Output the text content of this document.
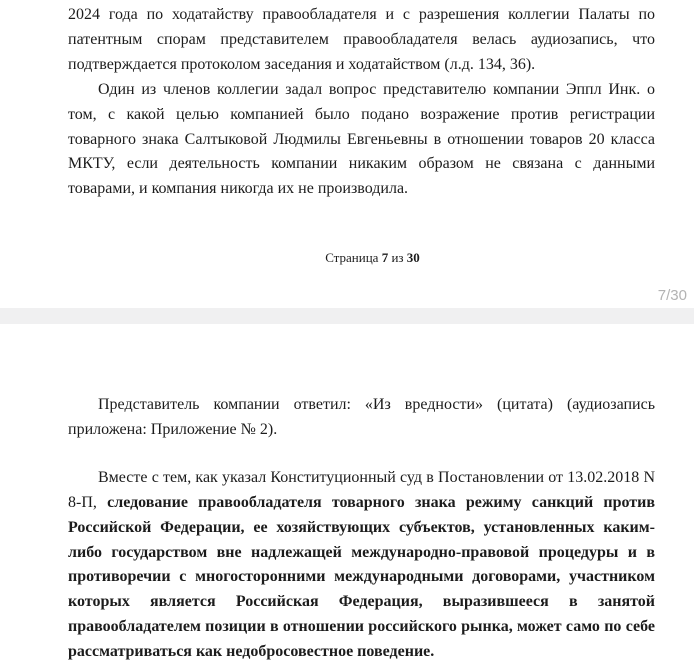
2024 года по ходатайству правообладателя и с разрешения коллегии Палаты по патентным спорам представителем правообладателя велась аудиозапись, что подтверждается протоколом заседания и ходатайством (л.д. 134, 36).

Один из членов коллегии задал вопрос представителю компании Эппл Инк. о том, с какой целью компанией было подано возражение против регистрации товарного знака Салтыковой Людмилы Евгеньевны в отношении товаров 20 класса МКТУ, если деятельность компании никаким образом не связана с данными товарами, и компания никогда их не производила.

Страница 7 из 30
7/30

Представитель компании ответил: «Из вредности» (цитата) (аудиозапись приложена: Приложение № 2).

Вместе с тем, как указал Конституционный суд в Постановлении от 13.02.2018 N 8-П, следование правообладателя товарного знака режиму санкций против Российской Федерации, ее хозяйствующих субъектов, установленных каким-либо государством вне надлежащей международно-правовой процедуры и в противоречии с многосторонними международными договорами, участником которых является Российская Федерация, выразившееся в занятой правообладателем позиции в отношении российского рынка, может само по себе рассматриваться как недобросовестное поведение.
